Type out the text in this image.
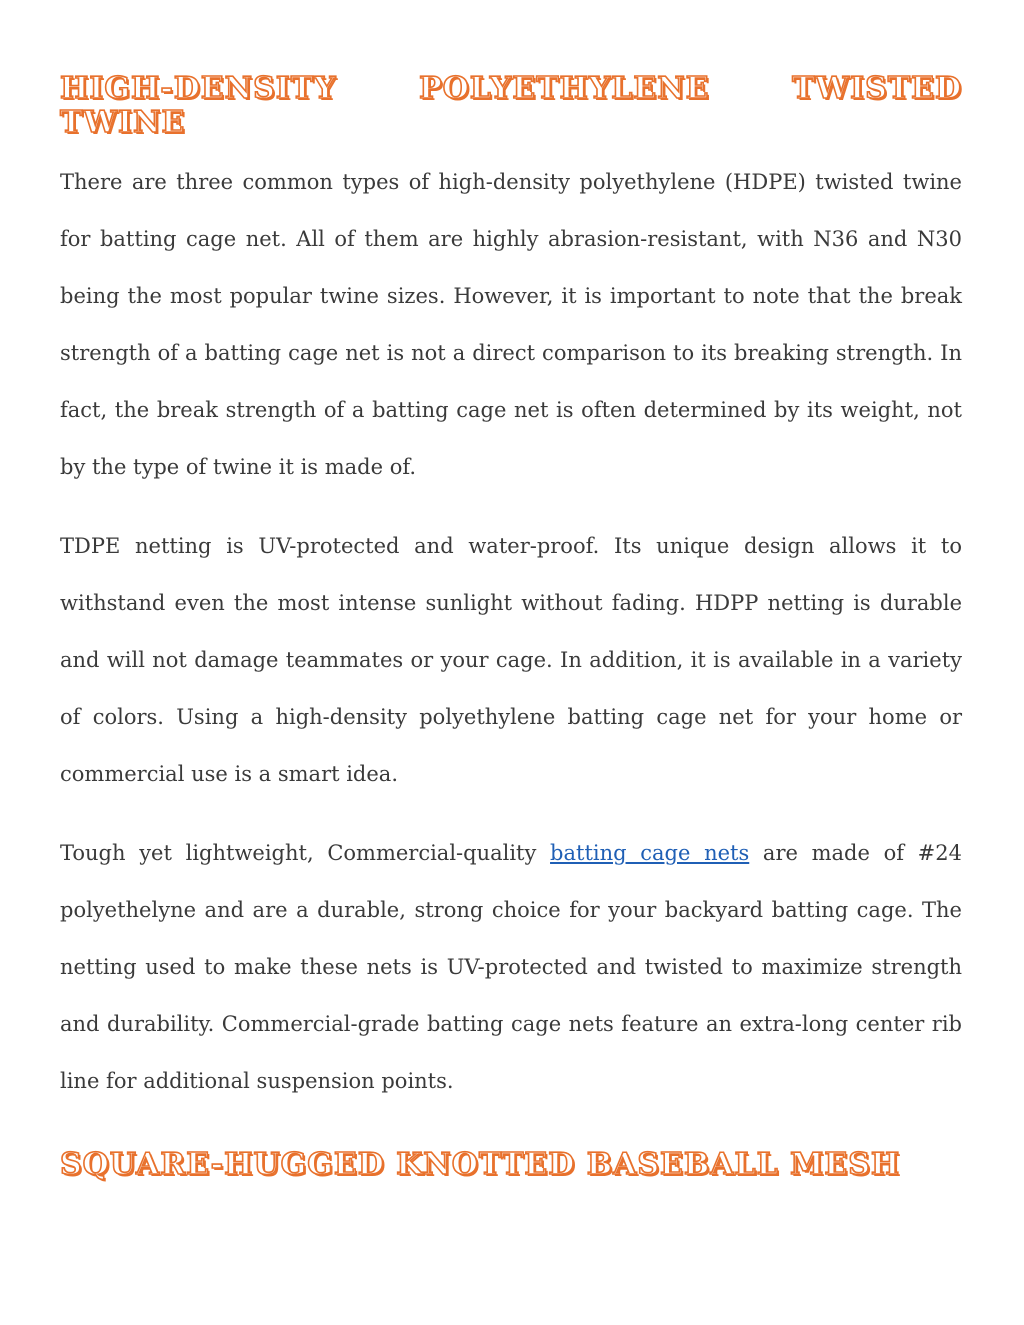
HIGH-DENSITY POLYETHYLENE TWISTED
TWINE

There are three common types of high-density polyethylene (HDPE) twisted twine for batting cage net. All of them are highly abrasion-resistant, with N36 and N30 being the most popular twine sizes. However, it is important to note that the break strength of a batting cage net is not a direct comparison to its breaking strength. In fact, the break strength of a batting cage net is often determined by its weight, not by the type of twine it is made of.

TDPE netting is UV-protected and water-proof. Its unique design allows it to withstand even the most intense sunlight without fading. HDPP netting is durable and will not damage teammates or your cage. In addition, it is available in a variety of colors. Using a high-density polyethylene batting cage net for your home or commercial use is a smart idea.

Tough yet lightweight, Commercial-quality batting cage nets are made of #24 polyethelyne and are a durable, strong choice for your backyard batting cage. The netting used to make these nets is UV-protected and twisted to maximize strength and durability. Commercial-grade batting cage nets feature an extra-long center rib line for additional suspension points.

SQUARE-HUGGED KNOTTED BASEBALL MESH
